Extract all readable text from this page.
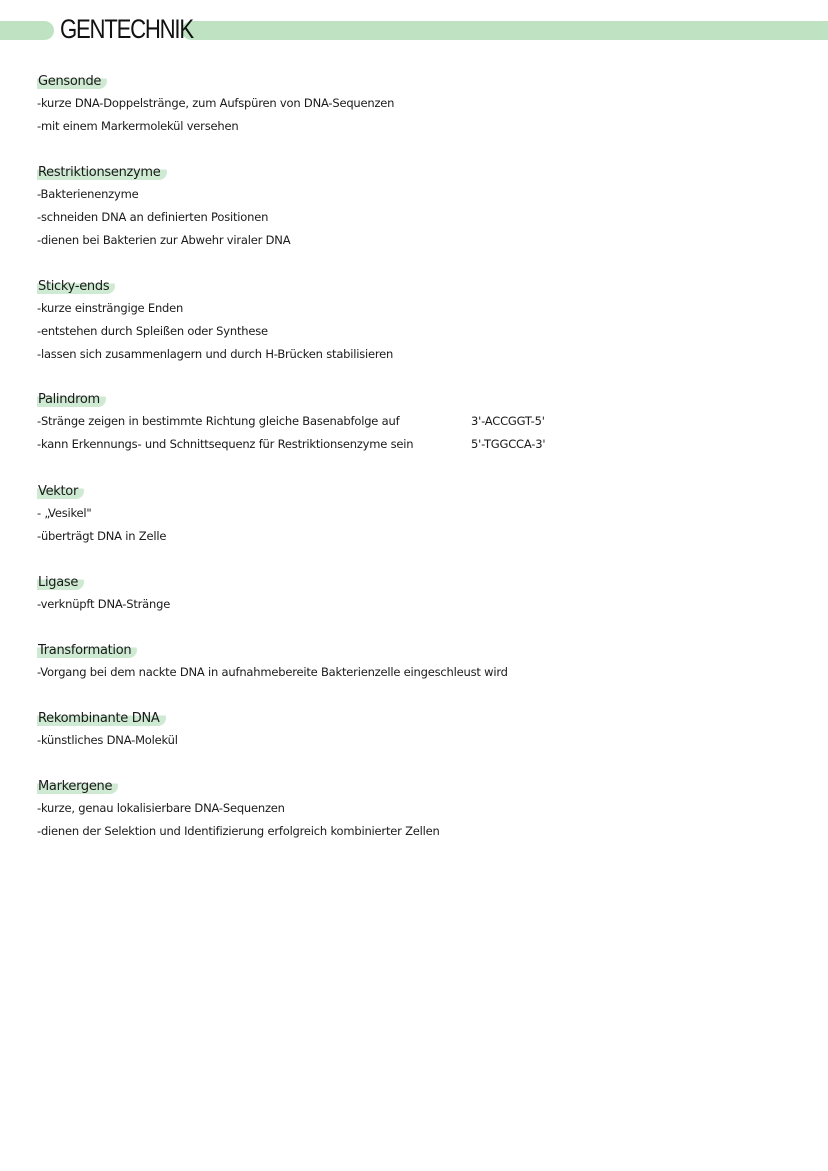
GENTECHNIK
Gensonde
-kurze DNA-Doppelstränge, zum Aufspüren von DNA-Sequenzen
-mit einem Markermolekül versehen
Restriktionsenzyme
-Bakterienenzyme
-schneiden DNA an definierten Positionen
-dienen bei Bakterien zur Abwehr viraler DNA
Sticky-ends
-kurze einsträngige Enden
-entstehen durch Spleißen oder Synthese
-lassen sich zusammenlagern und durch H-Brücken stabilisieren
Palindrom
-Stränge zeigen in bestimmte Richtung gleiche Basenabfolge auf	3'-ACCGGT-5'
-kann Erkennungs- und Schnittsequenz für Restriktionsenzyme sein	5'-TGGCCA-3'
Vektor
- „Vesikel"
-überträgt DNA in Zelle
Ligase
-verknüpft DNA-Stränge
Transformation
-Vorgang bei dem nackte DNA in aufnahmebereite Bakterienzelle eingeschleust wird
Rekombinante DNA
-künstliches DNA-Molekül
Markergene
-kurze, genau lokalisierbare DNA-Sequenzen
-dienen der Selektion und Identifizierung erfolgreich kombinierter Zellen
